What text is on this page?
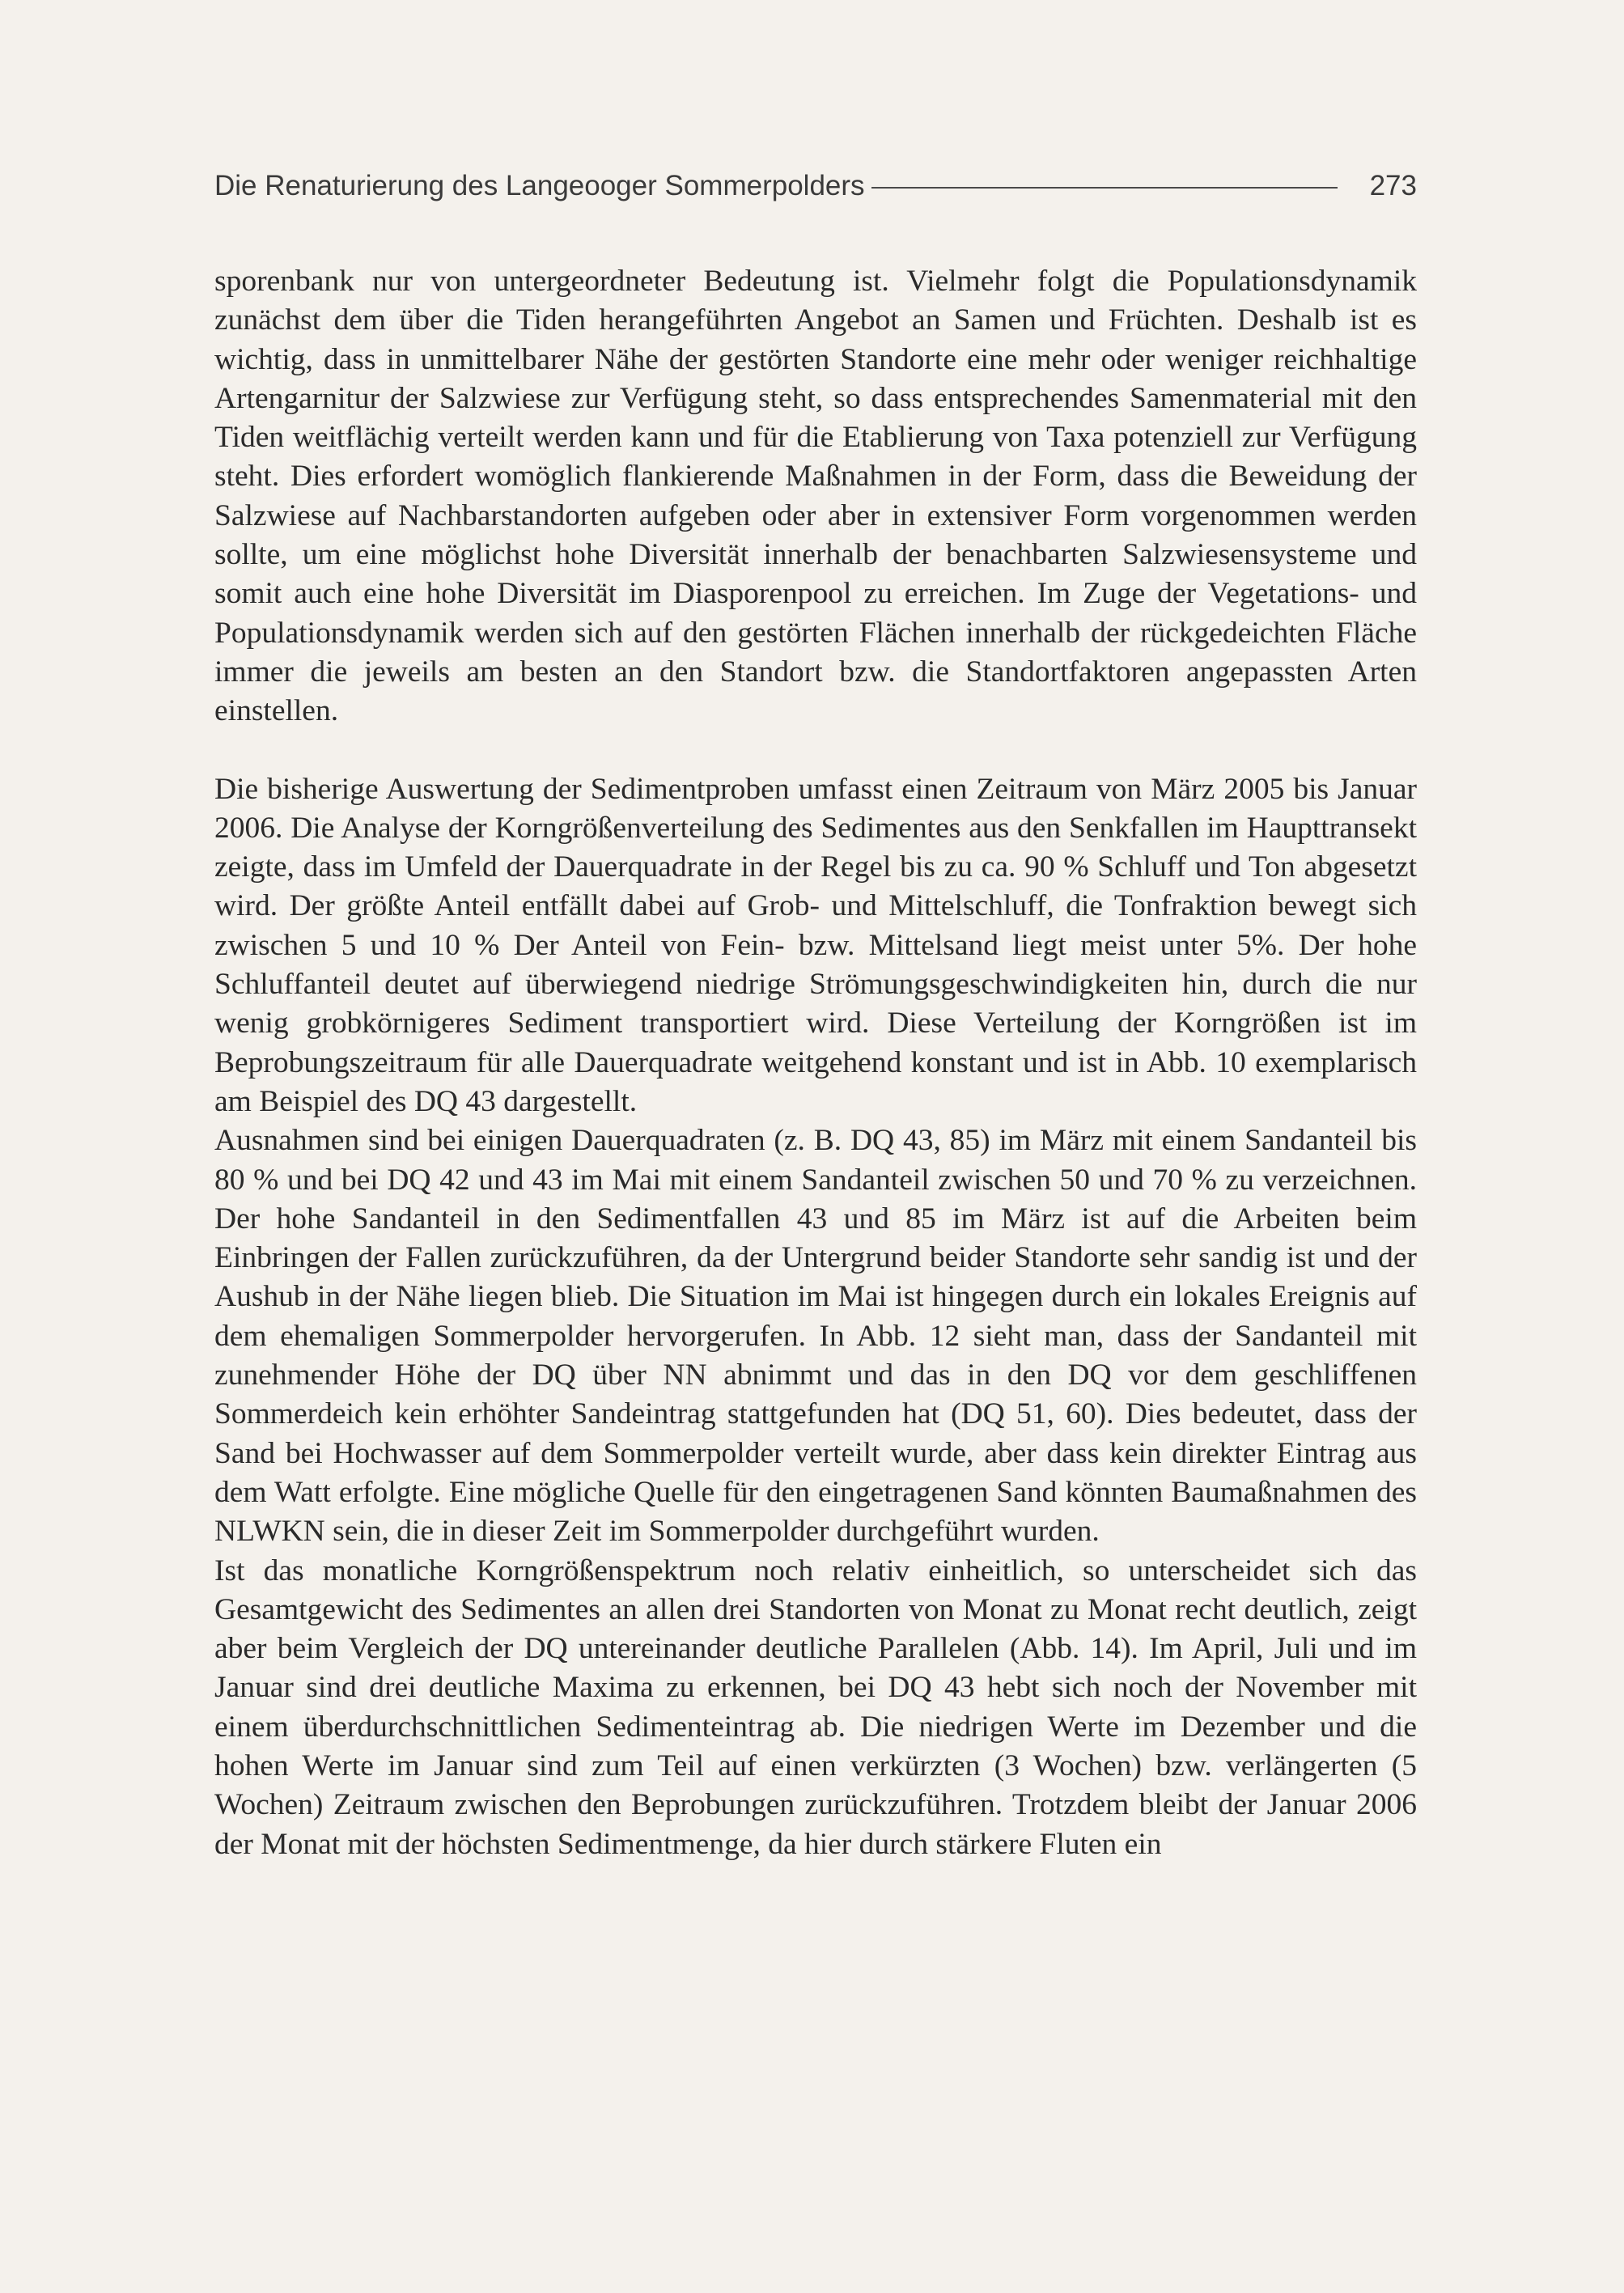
Die Renaturierung des Langeooger Sommerpolders	273

sporenbank nur von untergeordneter Bedeutung ist. Vielmehr folgt die Populationsdynamik zunächst dem über die Tiden herangeführten Angebot an Samen und Früchten. Deshalb ist es wichtig, dass in unmittelbarer Nähe der gestörten Standorte eine mehr oder weniger reichhaltige Artengarnitur der Salzwiese zur Verfügung steht, so dass entsprechendes Samenmaterial mit den Tiden weitflächig verteilt werden kann und für die Etablierung von Taxa potenziell zur Verfügung steht. Dies erfordert womöglich flankierende Maßnahmen in der Form, dass die Beweidung der Salzwiese auf Nachbarstandorten aufgeben oder aber in extensiver Form vorgenommen werden sollte, um eine möglichst hohe Diversität innerhalb der benachbarten Salzwiesensysteme und somit auch eine hohe Diversität im Diasporenpool zu erreichen. Im Zuge der Vegetations- und Populationsdynamik werden sich auf den gestörten Flächen innerhalb der rückgedeichten Fläche immer die jeweils am besten an den Standort bzw. die Standortfaktoren angepassten Arten einstellen.

Die bisherige Auswertung der Sedimentproben umfasst einen Zeitraum von März 2005 bis Januar 2006. Die Analyse der Korngrößenverteilung des Sedimentes aus den Senkfallen im Haupttransekt zeigte, dass im Umfeld der Dauerquadrate in der Regel bis zu ca. 90 % Schluff und Ton abgesetzt wird. Der größte Anteil entfällt dabei auf Grob- und Mittelschluff, die Tonfraktion bewegt sich zwischen 5 und 10 % Der Anteil von Fein- bzw. Mittelsand liegt meist unter 5%. Der hohe Schluffanteil deutet auf überwiegend niedrige Strömungsgeschwindigkeiten hin, durch die nur wenig grobkörnigeres Sediment transportiert wird. Diese Verteilung der Korngrößen ist im Beprobungszeitraum für alle Dauerquadrate weitgehend konstant und ist in Abb. 10 exemplarisch am Beispiel des DQ 43 dargestellt.

Ausnahmen sind bei einigen Dauerquadraten (z. B. DQ 43, 85) im März mit einem Sandanteil bis 80 % und bei DQ 42 und 43 im Mai mit einem Sandanteil zwischen 50 und 70 % zu verzeichnen. Der hohe Sandanteil in den Sedimentfallen 43 und 85 im März ist auf die Arbeiten beim Einbringen der Fallen zurückzuführen, da der Untergrund beider Standorte sehr sandig ist und der Aushub in der Nähe liegen blieb. Die Situation im Mai ist hingegen durch ein lokales Ereignis auf dem ehemaligen Sommerpolder hervorgerufen. In Abb. 12 sieht man, dass der Sandanteil mit zunehmender Höhe der DQ über NN abnimmt und das in den DQ vor dem geschliffenen Sommerdeich kein erhöhter Sandeintrag stattgefunden hat (DQ 51, 60). Dies bedeutet, dass der Sand bei Hochwasser auf dem Sommerpolder verteilt wurde, aber dass kein direkter Eintrag aus dem Watt erfolgte. Eine mögliche Quelle für den eingetragenen Sand könnten Baumaßnahmen des NLWKN sein, die in dieser Zeit im Sommerpolder durchgeführt wurden.

Ist das monatliche Korngrößenspektrum noch relativ einheitlich, so unterscheidet sich das Gesamtgewicht des Sedimentes an allen drei Standorten von Monat zu Monat recht deutlich, zeigt aber beim Vergleich der DQ untereinander deutliche Parallelen (Abb. 14). Im April, Juli und im Januar sind drei deutliche Maxima zu erkennen, bei DQ 43 hebt sich noch der November mit einem überdurchschnittlichen Sedimenteintrag ab. Die niedrigen Werte im Dezember und die hohen Werte im Januar sind zum Teil auf einen verkürzten (3 Wochen) bzw. verlängerten (5 Wochen) Zeitraum zwischen den Beprobungen zurückzuführen. Trotzdem bleibt der Januar 2006 der Monat mit der höchsten Sedimentmenge, da hier durch stärkere Fluten ein
